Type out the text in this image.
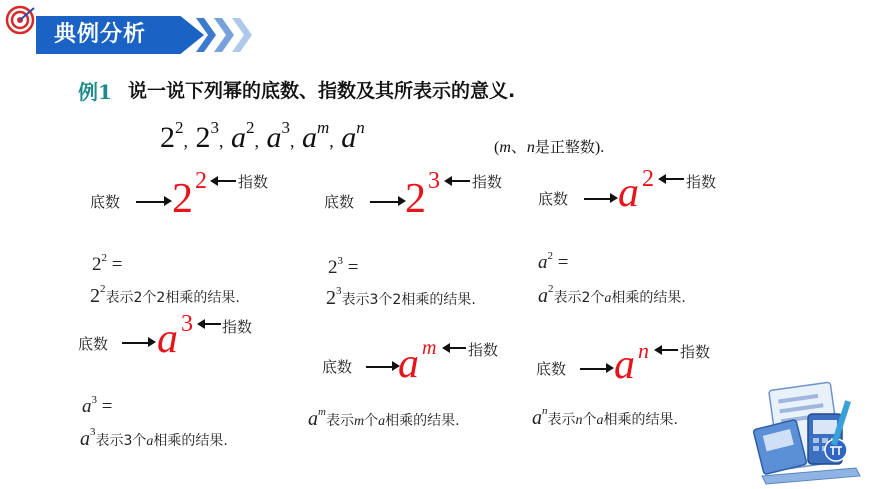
典例分析
例1 说一说下列幂的底数、指数及其所表示的意义.
$2^2$, $2^3$, $a^2$, $a^3$, $a^m$, $a^n$
(m、n是正整数).
底数 2 2 指数
底数 2 3 指数
底数 a 2 指数
$2^2$ =
$2^2$表示2个2相乘的结果.
$2^3$ =
$2^3$表示3个2相乘的结果.
$a^2$ =
$a^2$表示2个a相乘的结果.
底数 a 3 指数
底数 a m 指数
底数 a n 指数
$a^3$ =
$a^3$表示3个a相乘的结果.
$a^m$表示m个a相乘的结果.	$a^n$表示n个a相乘的结果.
